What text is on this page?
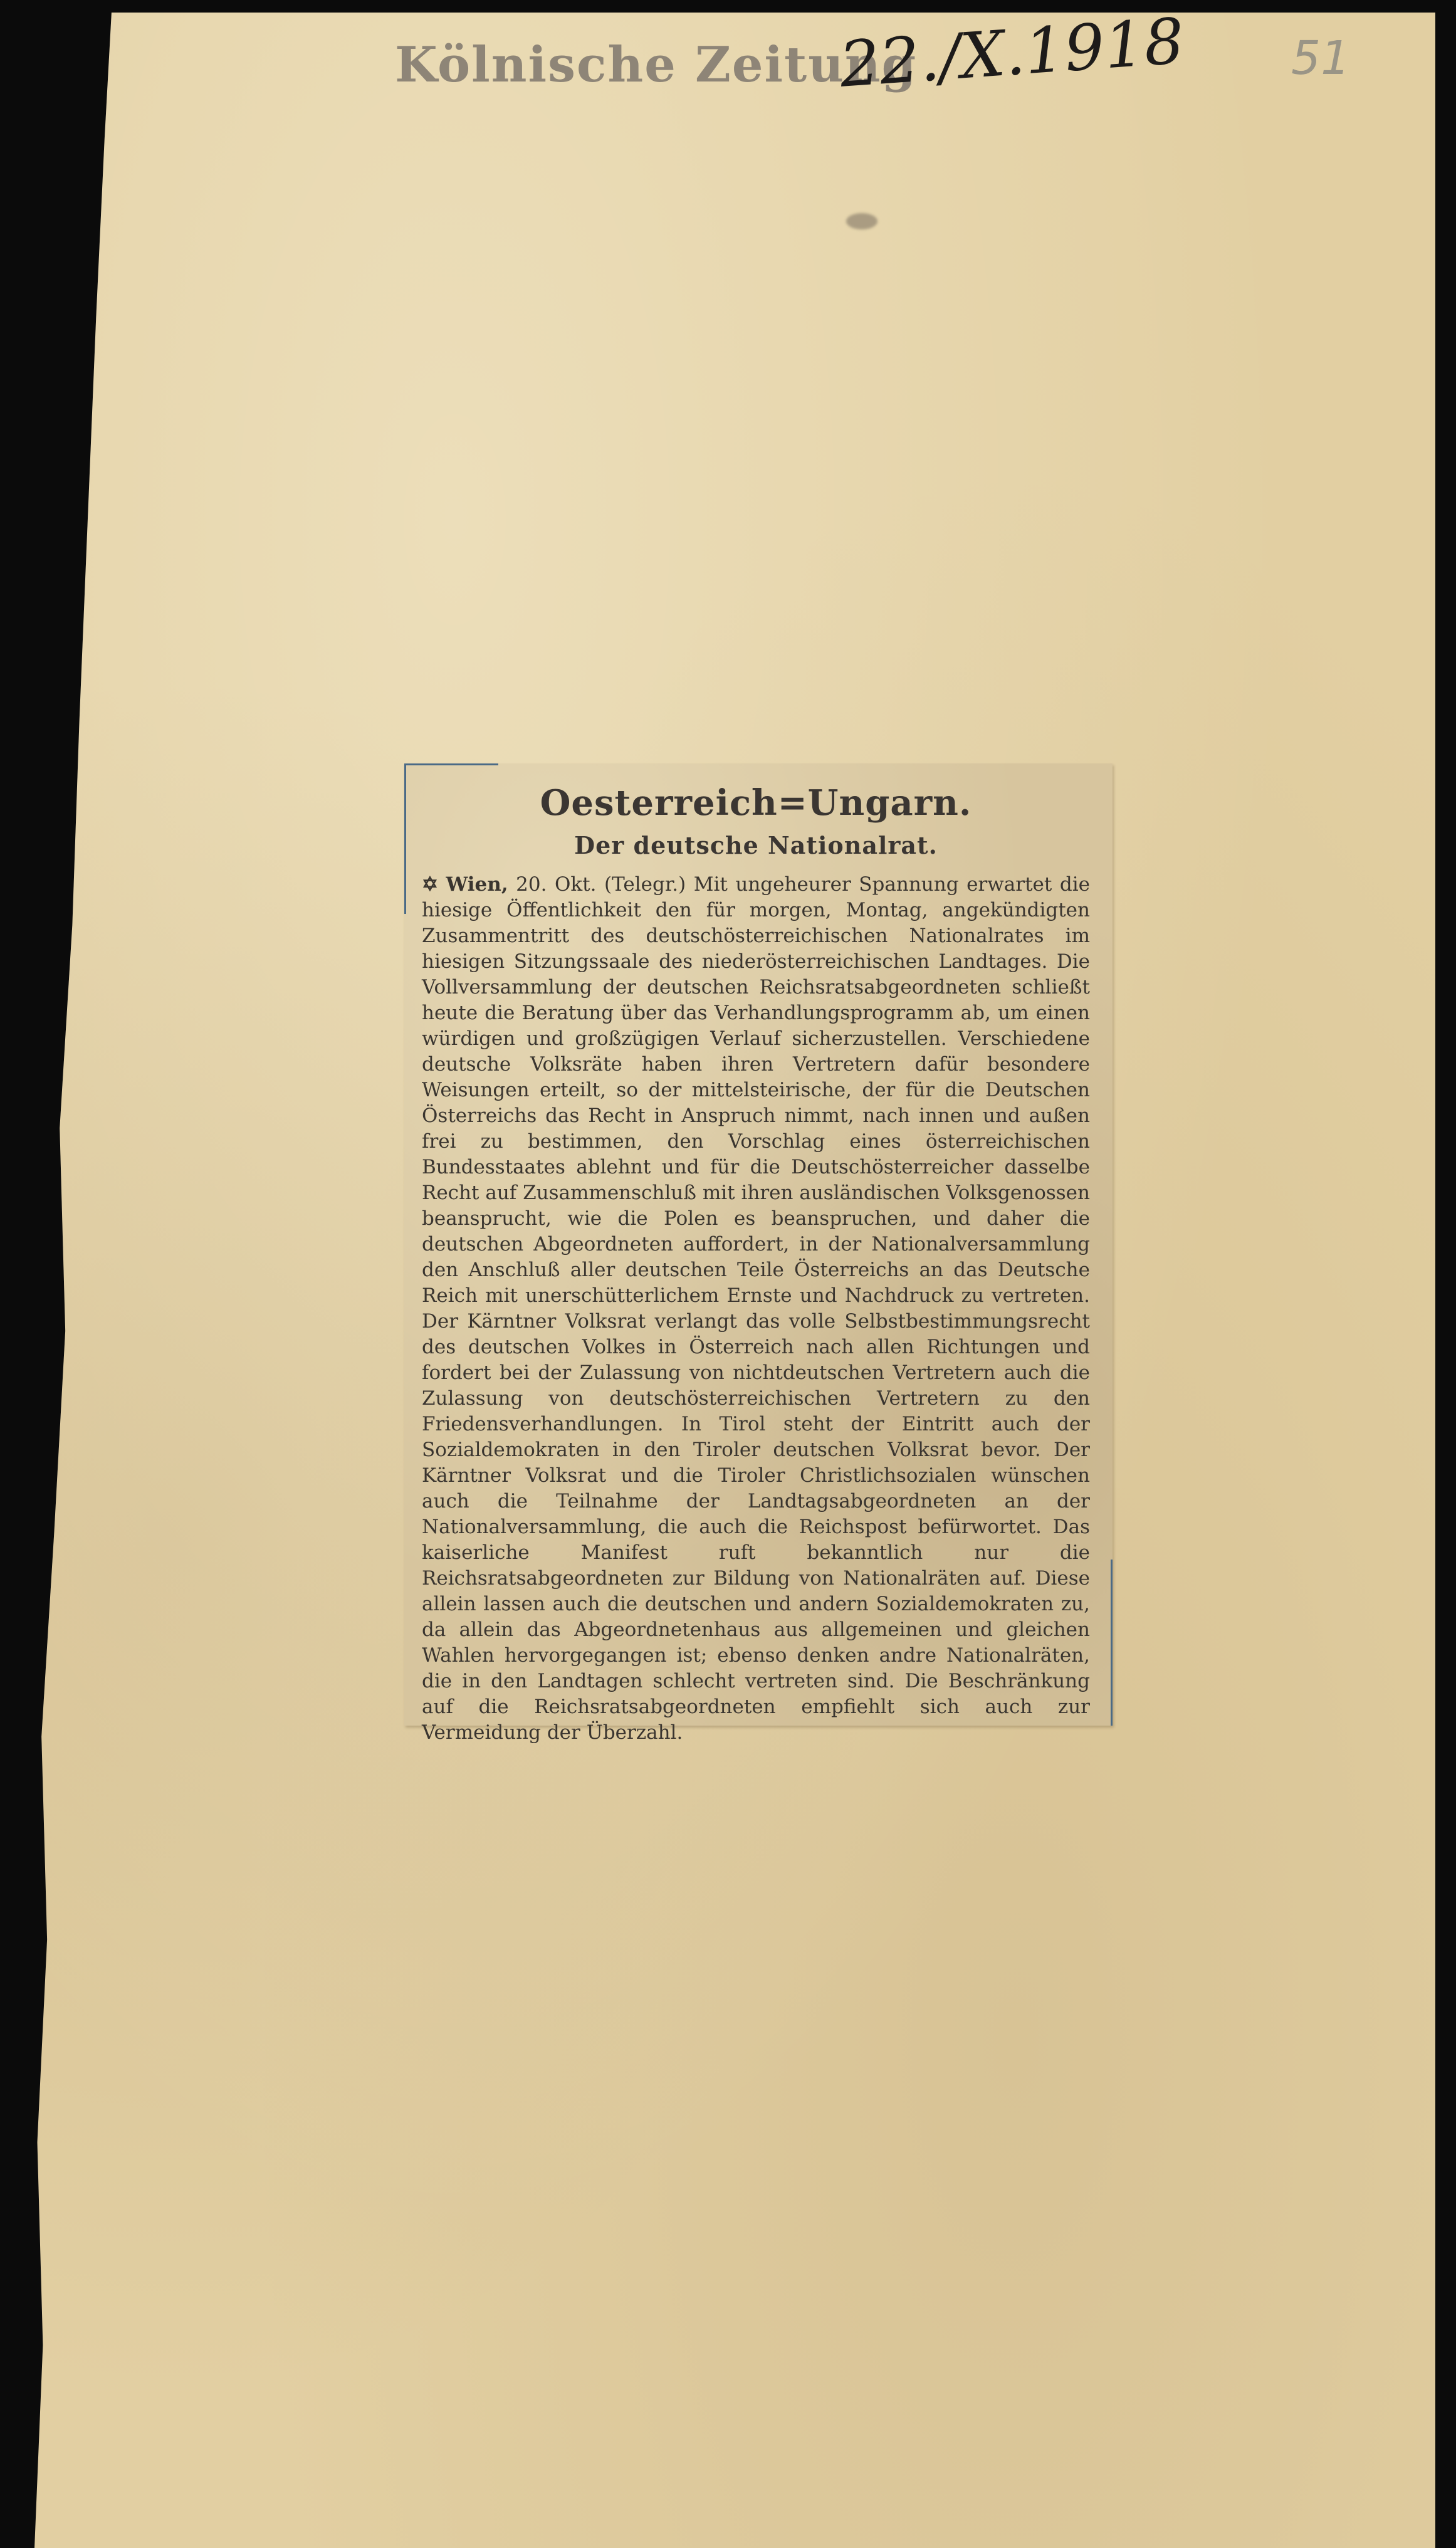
Kölnische Zeitung
22./X.1918 51
Oesterreich=Ungarn.
Der deutsche Nationalrat.

✡ Wien, 20. Okt. (Telegr.) Mit ungeheurer Spannung erwartet die hiesige Öffentlichkeit den für morgen, Montag, angekündigten Zusammentritt des deutschösterreichischen Nationalrates im hiesigen Sitzungssaale des niederösterreichischen Landtages. Die Vollversammlung der deutschen Reichsratsabgeordneten schließt heute die Beratung über das Verhandlungsprogramm ab, um einen würdigen und großzügigen Verlauf sicherzustellen. Verschiedene deutsche Volksräte haben ihren Vertretern dafür besondere Weisungen erteilt, so der mittelsteirische, der für die Deutschen Österreichs das Recht in Anspruch nimmt, nach innen und außen frei zu bestimmen, den Vorschlag eines österreichischen Bundesstaates ablehnt und für die Deutschösterreicher dasselbe Recht auf Zusammenschluß mit ihren ausländischen Volksgenossen beansprucht, wie die Polen es beanspruchen, und daher die deutschen Abgeordneten auffordert, in der Nationalversammlung den Anschluß aller deutschen Teile Österreichs an das Deutsche Reich mit unerschütterlichem Ernste und Nachdruck zu vertreten. Der Kärntner Volksrat verlangt das volle Selbstbestimmungsrecht des deutschen Volkes in Österreich nach allen Richtungen und fordert bei der Zulassung von nichtdeutschen Vertretern auch die Zulassung von deutschösterreichischen Vertretern zu den Friedensverhandlungen. In Tirol steht der Eintritt auch der Sozialdemokraten in den Tiroler deutschen Volksrat bevor. Der Kärntner Volksrat und die Tiroler Christlichsozialen wünschen auch die Teilnahme der Landtagsabgeordneten an der Nationalversammlung, die auch die Reichspost befürwortet. Das kaiserliche Manifest ruft bekanntlich nur die Reichsratsabgeordneten zur Bildung von Nationalräten auf. Diese allein lassen auch die deutschen und andern Sozialdemokraten zu, da allein das Abgeordnetenhaus aus allgemeinen und gleichen Wahlen hervorgegangen ist; ebenso denken andre Nationalräten, die in den Landtagen schlecht vertreten sind. Die Beschränkung auf die Reichsratsabgeordneten empfiehlt sich auch zur Vermeidung der Überzahl.
